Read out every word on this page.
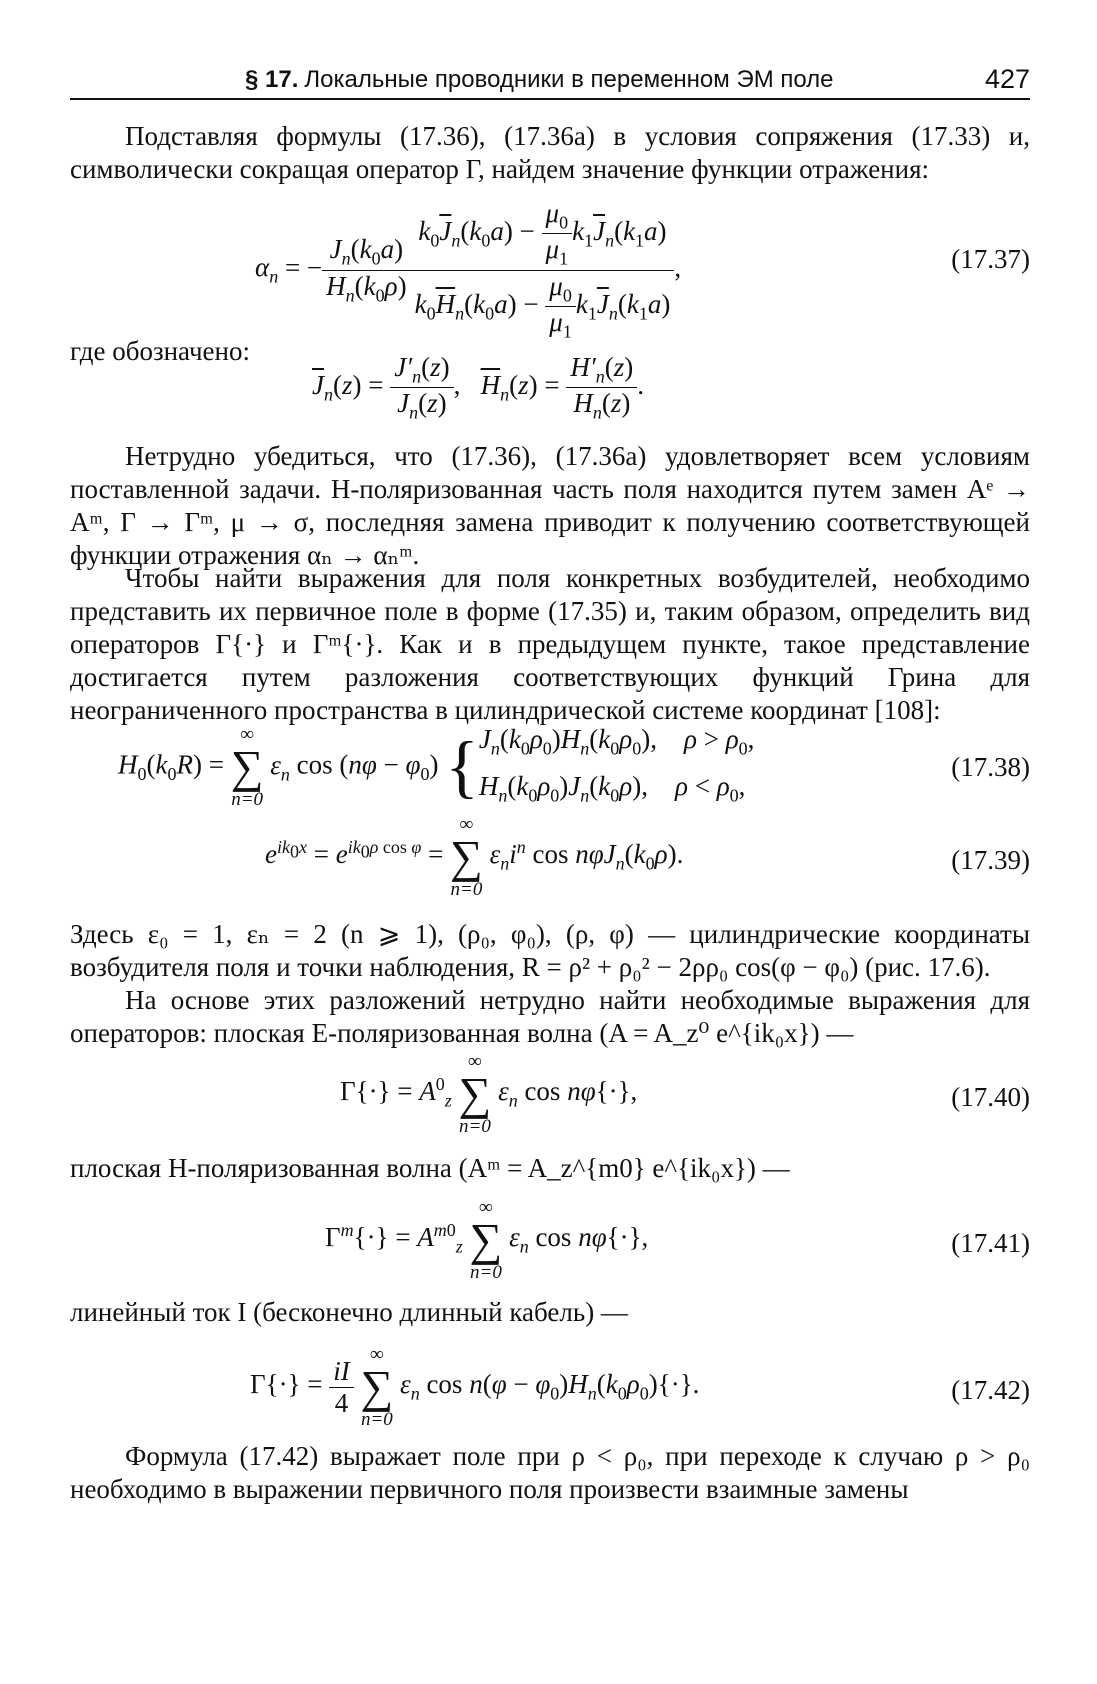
§ 17. Локальные проводники в переменном ЭМ поле	427
Подставляя формулы (17.36), (17.36а) в условия сопряжения (17.33) и, символически сокращая оператор Γ, найдем значение функции отражения:
$\alpha_n$ = − $\frac{J_n(k_0a)}{H_n(k_0\rho)} \frac{k_0\overline{J}_n(k_0a) - \frac{\mu_0}{\mu_1} k_1\overline{J}_n(k_1a)}{k_0\overline{H}_n(k_0a) - \frac{\mu_0}{\mu_1} k_1\overline{J}_n(k_1a)}$ ,	(17.37)
где обозначено:
$\overline{J}_n(z) = \frac{J'_n(z)}{J_n(z)}$ ,   $\overline{H}_n(z) = \frac{H'_n(z)}{H_n(z)}$ .
Нетрудно убедиться, что (17.36), (17.36а) удовлетворяет всем условиям поставленной задачи. H-поляризованная часть поля находится путем замен Aᵉ → Aᵐ, Γ → Γᵐ, μ → σ, последняя замена приводит к получению соответствующей функции отражения αₙ → αₙᵐ.
Чтобы найти выражения для поля конкретных возбудителей, необходимо представить их первичное поле в форме (17.35) и, таким образом, определить вид операторов Γ{·} и Γᵐ{·}. Как и в предыдущем пункте, такое представление достигается путем разложения соответствующих функций Грина для неограниченного пространства в цилиндрической системе координат [108]:
$H_0(k_0R)$ =
∞
∑
n=0
$\varepsilon_n$ $\cos (n\varphi - \varphi_0)$ {$J_n(k_0\rho_0)H_n(k_0\rho_0)$,    $\rho > \rho_0$,
$H_n(k_0\rho_0)J_n(k_0\rho)$,    $\rho < \rho_0$,
(17.38)
$e^{ik_0x} = e^{ik_0\rho cos \varphi}$ =
∞
∑
n=0
$\varepsilon_ni^n$ $\cos n\varphi J_n(k_0\rho)$.	(17.39)
Здесь ε₀ = 1, εₙ = 2 (n ⩾ 1), (ρ₀, φ₀), (ρ, φ) — цилиндрические координаты возбудителя поля и точки наблюдения, R = ρ² + ρ₀² − 2ρρ₀ cos(φ − φ₀) (рис. 17.6).
На основе этих разложений нетрудно найти необходимые выражения для операторов: плоская E-поляризованная волна (A = A_z⁰ e^{ik₀x}) —
$\Gamma\{\cdot\} = A^0_z$
∞
∑
n=0
$\varepsilon_n$ cos nφ{·},	(17.40)
плоская H-поляризованная волна (Aᵐ = A_z^{m0} e^{ik₀x}) —
$\Gamma^m\{\cdot\} = A^{m0}_z$
∞
∑
n=0
$\varepsilon_n$ cos nφ{·},	(17.41)
линейный ток I (бесконечно длинный кабель) —
$\Gamma\{\cdot\} = \frac{iI}{4}$

∞
∑
n=0
$\varepsilon_n$ $\cos n(\varphi - \varphi_0)H_n(k_0\rho_0)\{\cdot\}$.	(17.42)
Формула (17.42) выражает поле при ρ < ρ₀, при переходе к случаю ρ > ρ₀ необходимо в выражении первичного поля произвести взаимные замены
